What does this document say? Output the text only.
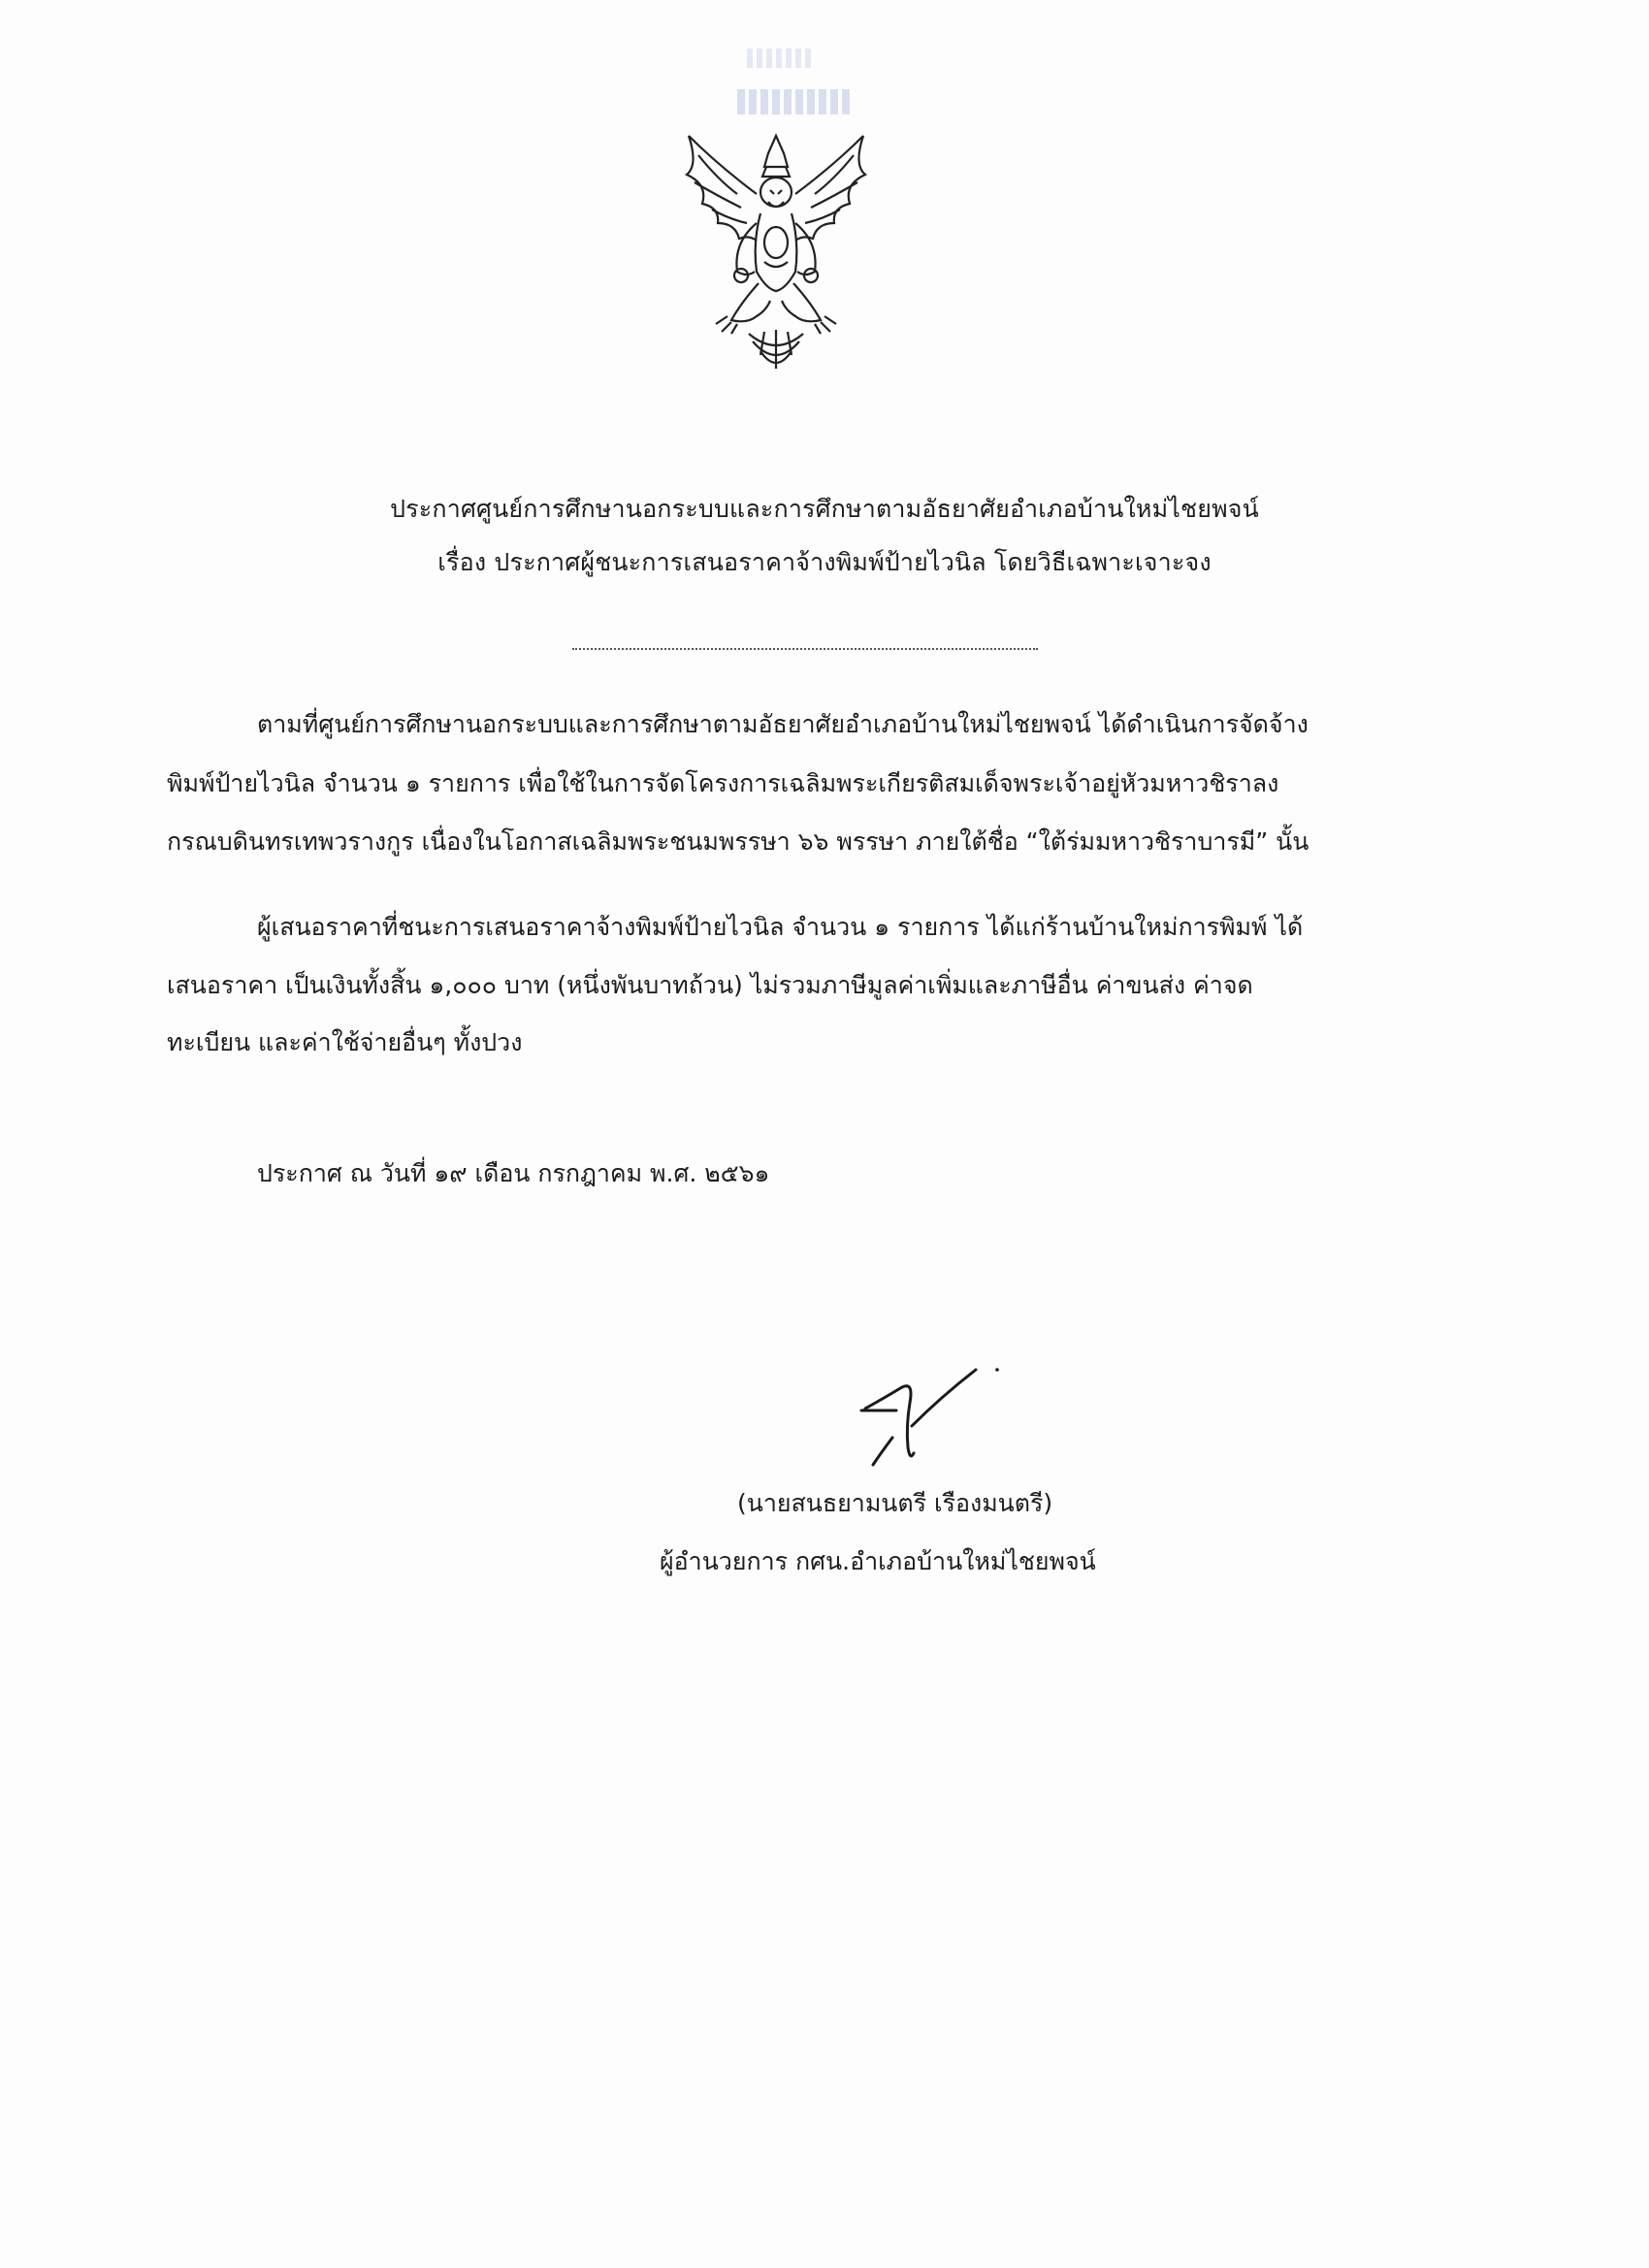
ประกาศศูนย์การศึกษานอกระบบและการศึกษาตามอัธยาศัยอำเภอบ้านใหม่ไชยพจน์
เรื่อง ประกาศผู้ชนะการเสนอราคาจ้างพิมพ์ป้ายไวนิล โดยวิธีเฉพาะเจาะจง
ตามที่ศูนย์การศึกษานอกระบบและการศึกษาตามอัธยาศัยอำเภอบ้านใหม่ไชยพจน์ ได้ดำเนินการจัดจ้าง
พิมพ์ป้ายไวนิล จำนวน ๑ รายการ เพื่อใช้ในการจัดโครงการเฉลิมพระเกียรติสมเด็จพระเจ้าอยู่หัวมหาวชิราลง
กรณบดินทรเทพวรางกูร เนื่องในโอกาสเฉลิมพระชนมพรรษา ๖๖ พรรษา ภายใต้ชื่อ “ใต้ร่มมหาวชิราบารมี” นั้น
ผู้เสนอราคาที่ชนะการเสนอราคาจ้างพิมพ์ป้ายไวนิล จำนวน ๑ รายการ ได้แก่ร้านบ้านใหม่การพิมพ์ ได้
เสนอราคา เป็นเงินทั้งสิ้น ๑,๐๐๐ บาท (หนึ่งพันบาทถ้วน) ไม่รวมภาษีมูลค่าเพิ่มและภาษีอื่น ค่าขนส่ง ค่าจด
ทะเบียน และค่าใช้จ่ายอื่นๆ ทั้งปวง
ประกาศ ณ วันที่ ๑๙ เดือน กรกฎาคม พ.ศ. ๒๕๖๑
(นายสนธยามนตรี เรืองมนตรี)
ผู้อำนวยการ กศน.อำเภอบ้านใหม่ไชยพจน์
